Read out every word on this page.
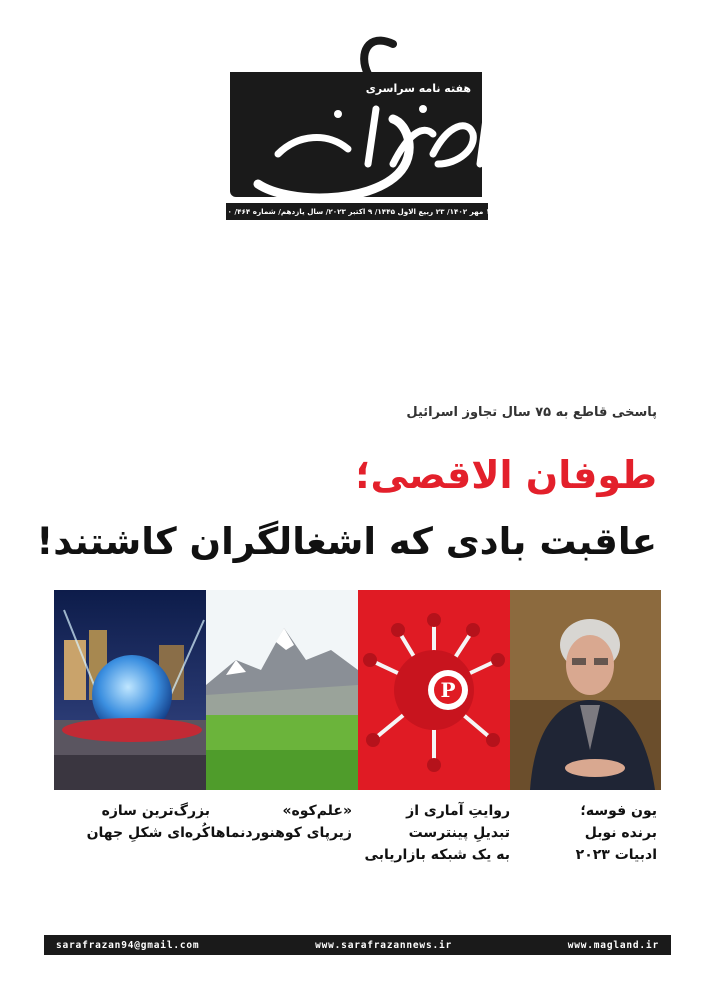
هفته نامه سراسری
دوشنبه ۱۷ مهر ۱۴۰۲/ ۲۳ ربیع الاول ۱۴۴۵/ ۹ اکتبر ۲۰۲۳/ سال یازدهم/ شماره ۴۶۴/ ۱۵۰۰ تومان
پاسخی قاطع به ۷۵ سال تجاوز اسرائیل
طوفان الاقصی؛
عاقبت بادی که اشغالگران کاشتند!
P
بزرگ‌ترین سازه
کُره‌ای شکلِ جهان
«علم‌کوه»
زیرپای کوهنوردنماها
روایتِ آماری از
تبدیلِ پینترست
به یک شبکه بازاریابی
یون فوسه؛
برنده نوبل
ادبیات ۲۰۲۳
sarafrazan94@gmail.com	www.sarafrazannews.ir	www.magland.ir
